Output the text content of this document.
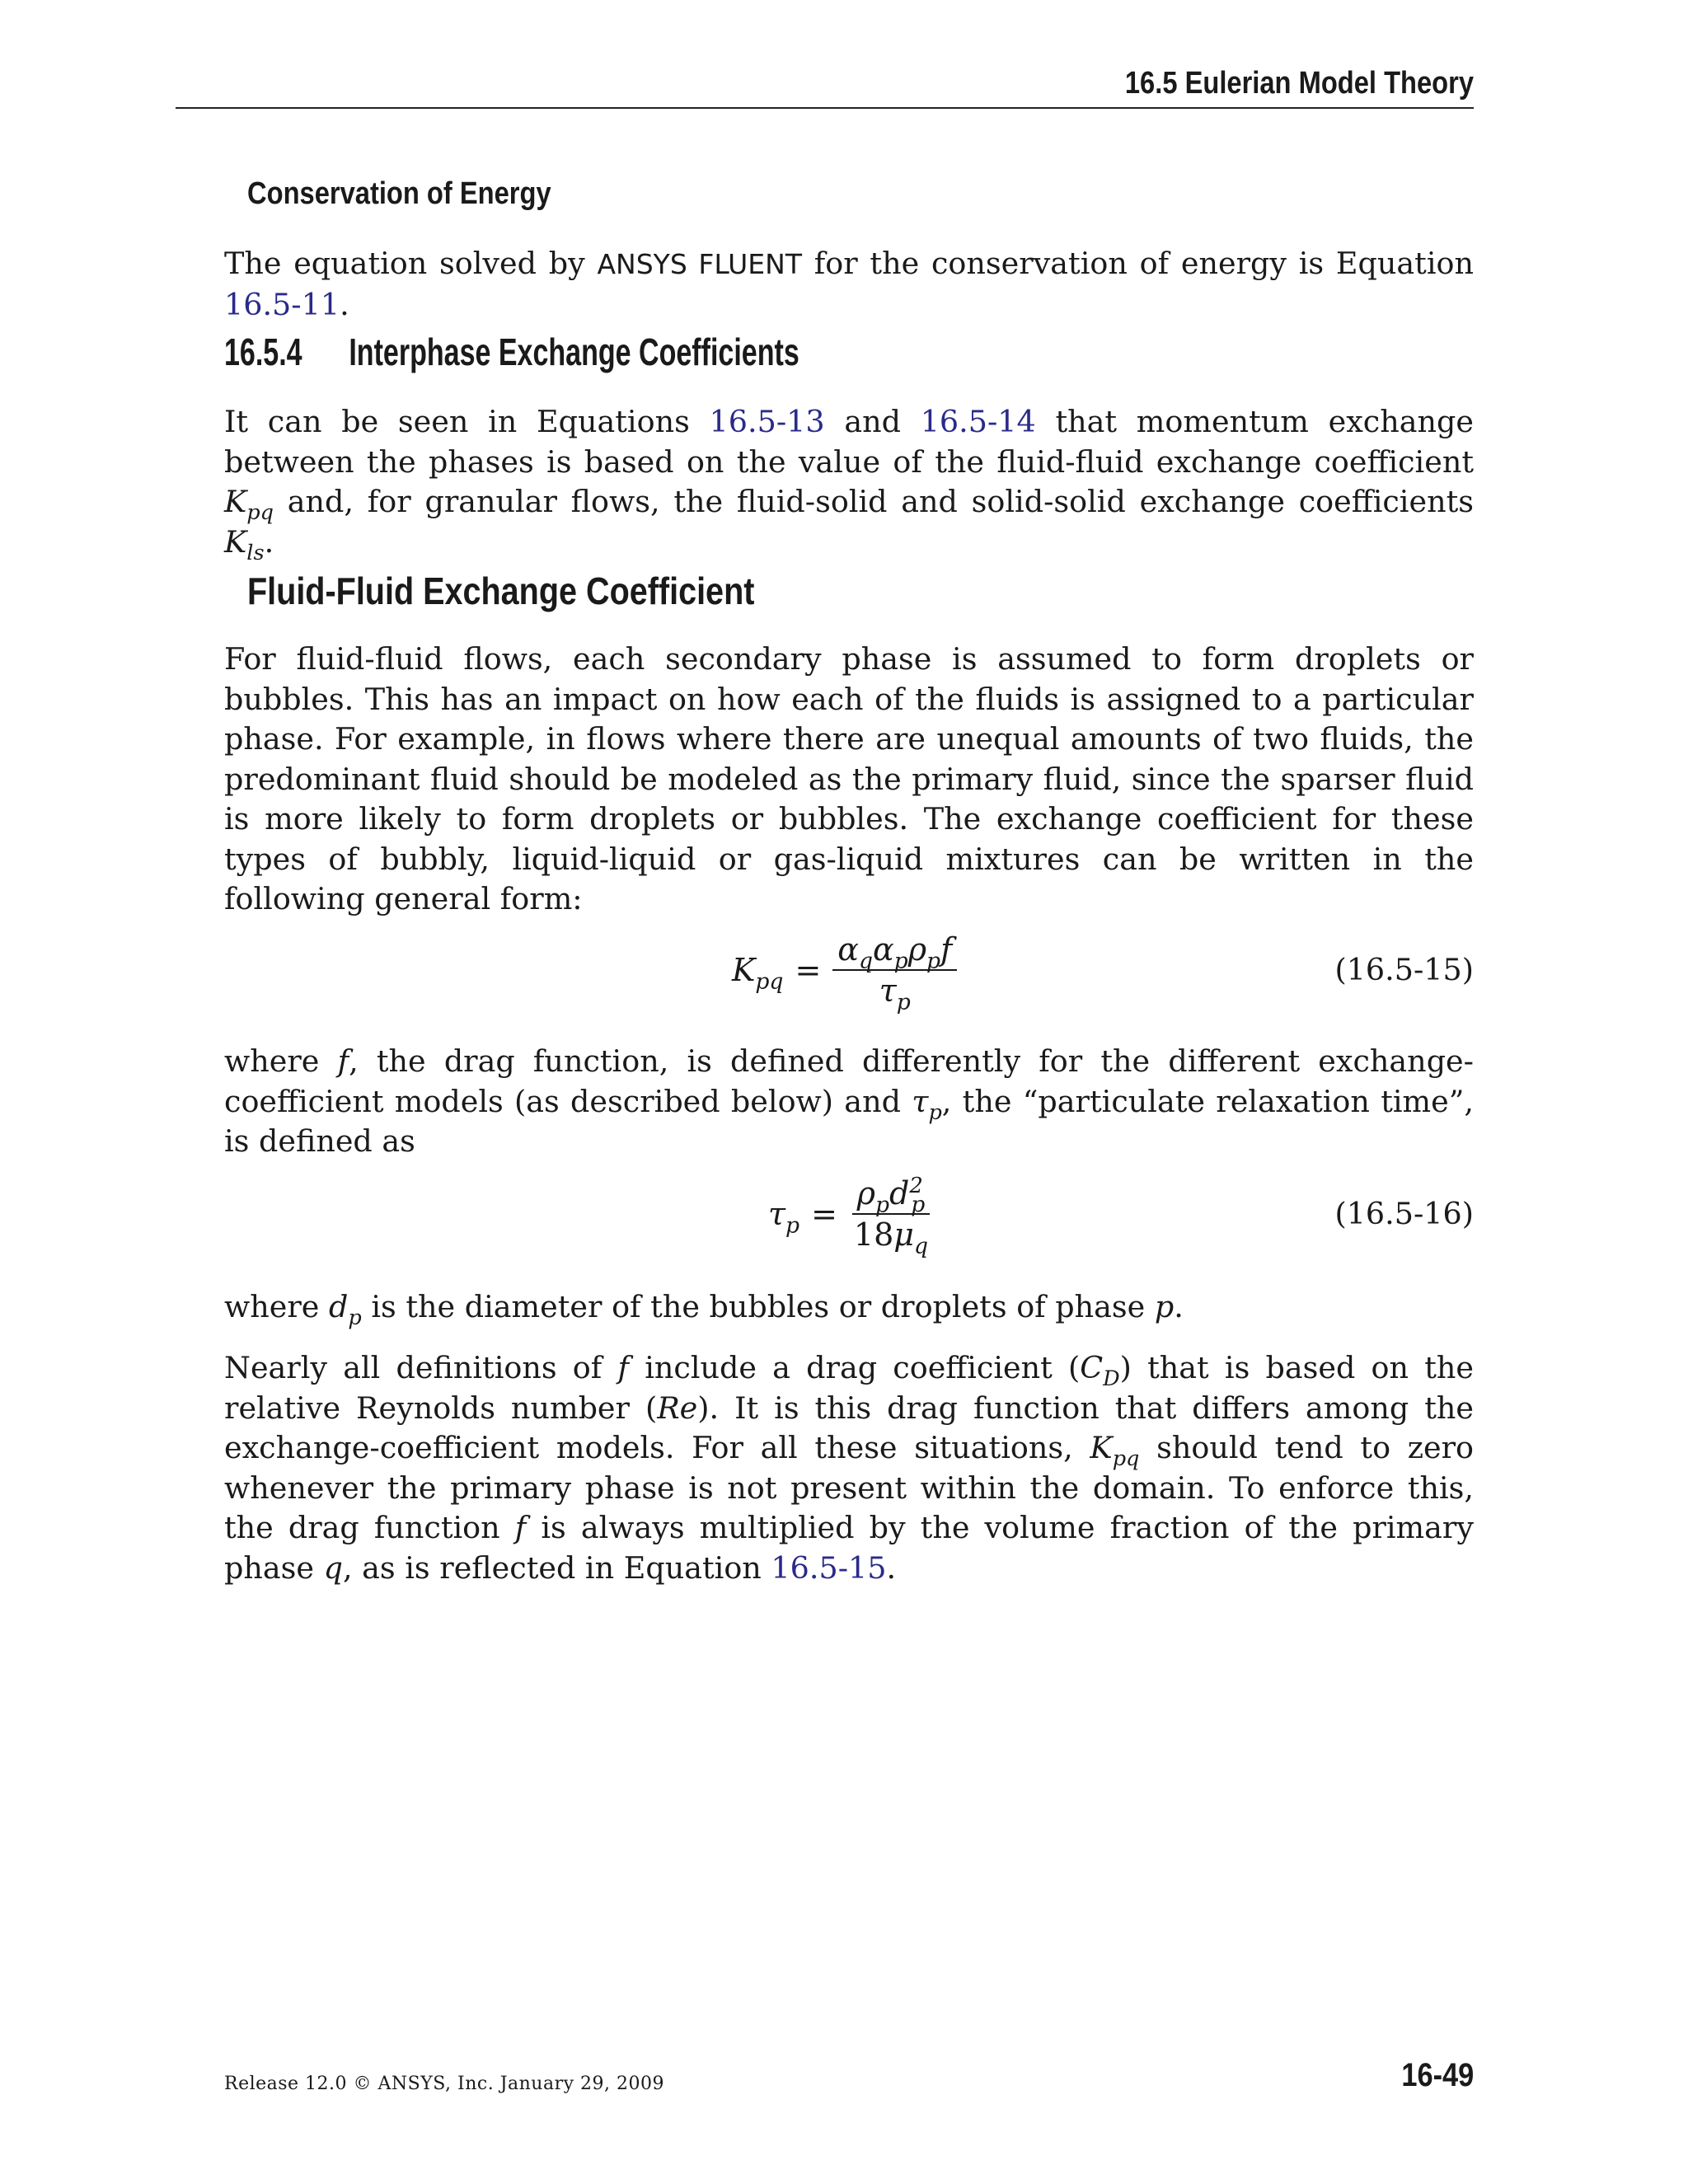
16.5 Eulerian Model Theory
Conservation of Energy

The equation solved by ANSYS FLUENT for the conservation of energy is Equation 16.5-11.

16.5.4 Interphase Exchange Coefficients

It can be seen in Equations 16.5-13 and 16.5-14 that momentum exchange between the phases is based on the value of the fluid-fluid exchange coefficient $K_{pq}$ and, for granular flows, the fluid-solid and solid-solid exchange coefficients $K_{ls}$.

Fluid-Fluid Exchange Coefficient

For fluid-fluid flows, each secondary phase is assumed to form droplets or bubbles. This has an impact on how each of the fluids is assigned to a particular phase. For example, in flows where there are unequal amounts of two fluids, the predominant fluid should be modeled as the primary fluid, since the sparser fluid is more likely to form droplets or bubbles. The exchange coefficient for these types of bubbly, liquid-liquid or gas-liquid mixtures can be written in the following general form:

$K_{pq} = \frac{\alpha_q\alpha_p\rho_pf}{\tau_p}$	(16.5-15)

where f, the drag function, is defined differently for the different exchange-coefficient models (as described below) and $\tau_p$, the “particulate relaxation time”, is defined as

$\tau_p = \frac{\rho_pd^2_p}{18\mu_q}$	(16.5-16)

where $d_p$ is the diameter of the bubbles or droplets of phase p.

Nearly all definitions of f include a drag coefficient $(C_D)$ that is based on the relative Reynolds number (Re). It is this drag function that differs among the exchange-coefficient models. For all these situations, $K_{pq}$ should tend to zero whenever the primary phase is not present within the domain. To enforce this, the drag function f is always multiplied by the volume fraction of the primary phase q, as is reflected in Equation 16.5-15.

Release 12.0 © ANSYS, Inc. January 29, 2009	16-49
